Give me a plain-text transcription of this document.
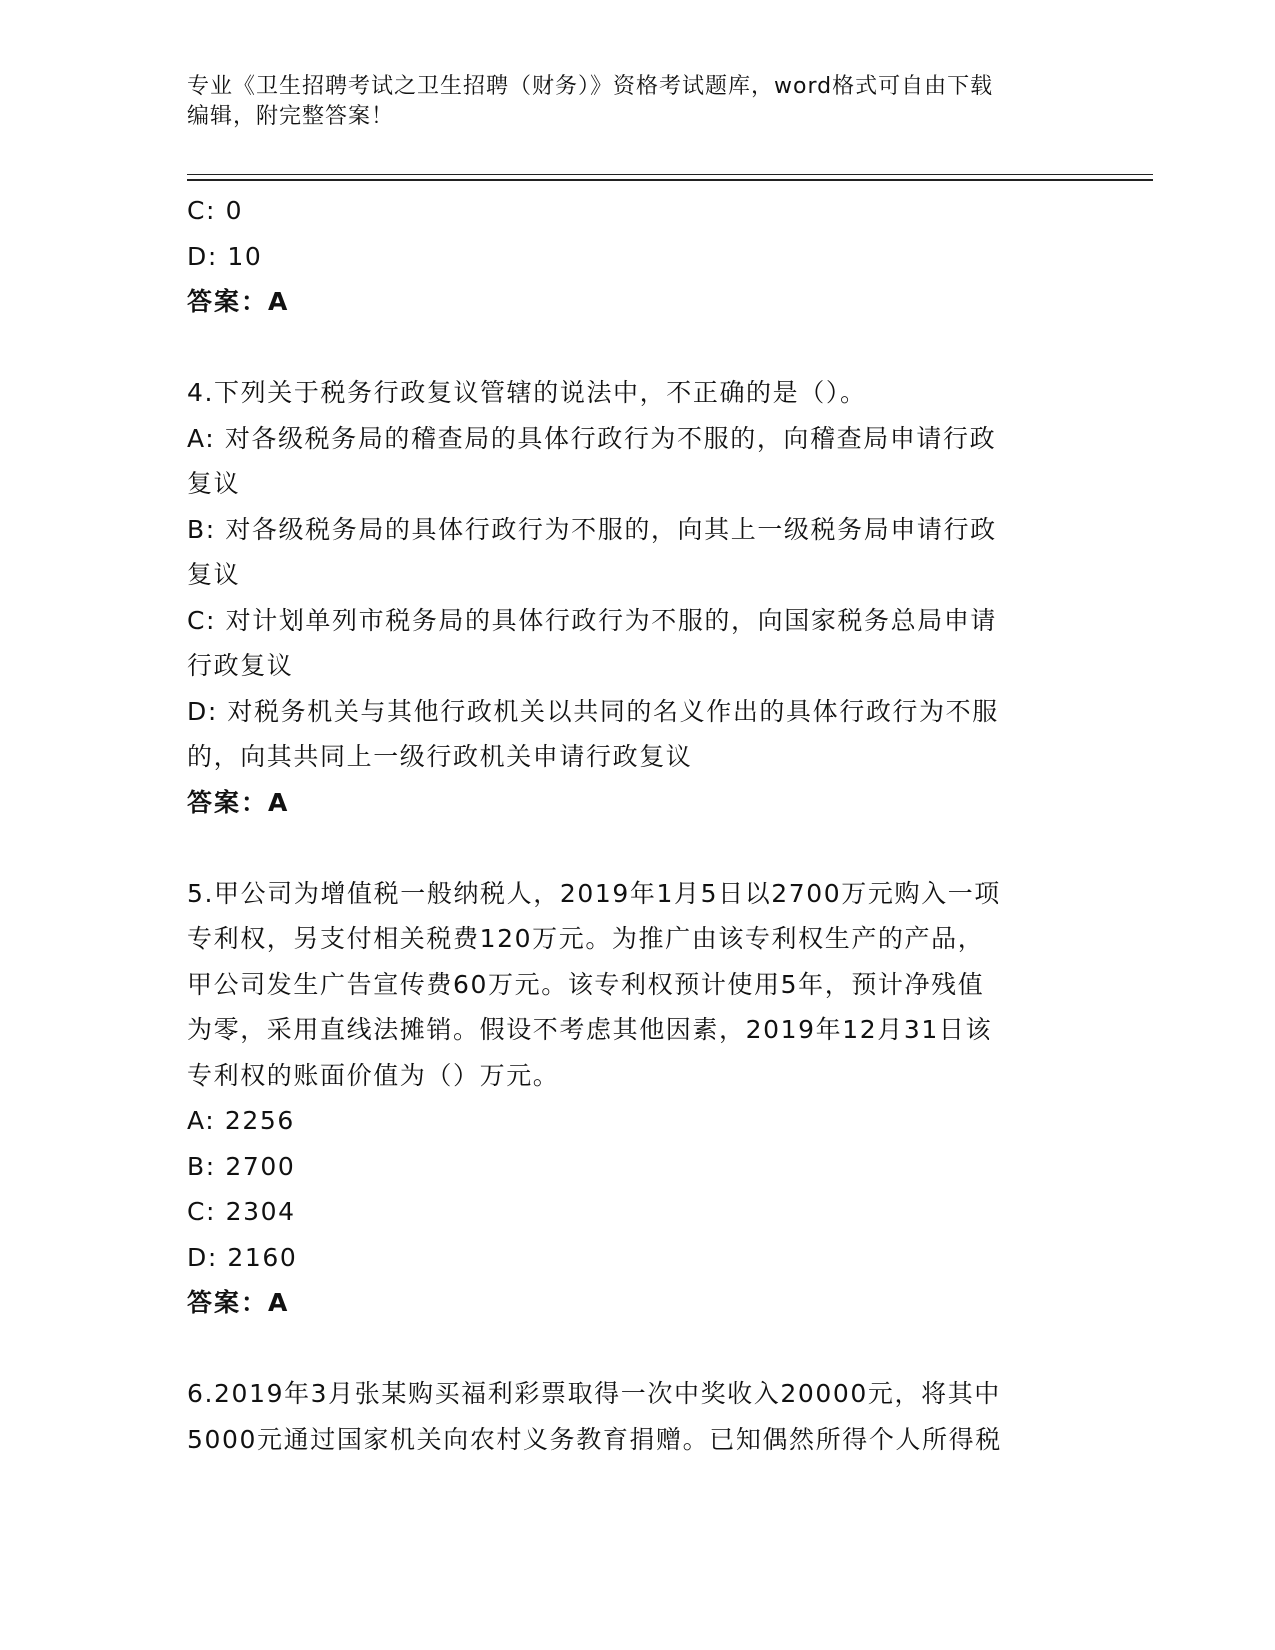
专业《卫生招聘考试之卫生招聘（财务）》资格考试题库，word格式可自由下载
编辑，附完整答案！

C: 0

D: 10

答案：A

4.下列关于税务行政复议管辖的说法中，不正确的是（）。

A: 对各级税务局的稽查局的具体行政行为不服的，向稽查局申请行政

复议

B: 对各级税务局的具体行政行为不服的，向其上一级税务局申请行政

复议

C: 对计划单列市税务局的具体行政行为不服的，向国家税务总局申请

行政复议

D: 对税务机关与其他行政机关以共同的名义作出的具体行政行为不服

的，向其共同上一级行政机关申请行政复议

答案：A

5.甲公司为增值税一般纳税人，2019年1月5日以2700万元购入一项

专利权，另支付相关税费120万元。为推广由该专利权生产的产品，

甲公司发生广告宣传费60万元。该专利权预计使用5年，预计净残值

为零，采用直线法摊销。假设不考虑其他因素，2019年12月31日该

专利权的账面价值为（）万元。

A: 2256

B: 2700

C: 2304

D: 2160

答案：A

6.2019年3月张某购买福利彩票取得一次中奖收入20000元，将其中

5000元通过国家机关向农村义务教育捐赠。已知偶然所得个人所得税
